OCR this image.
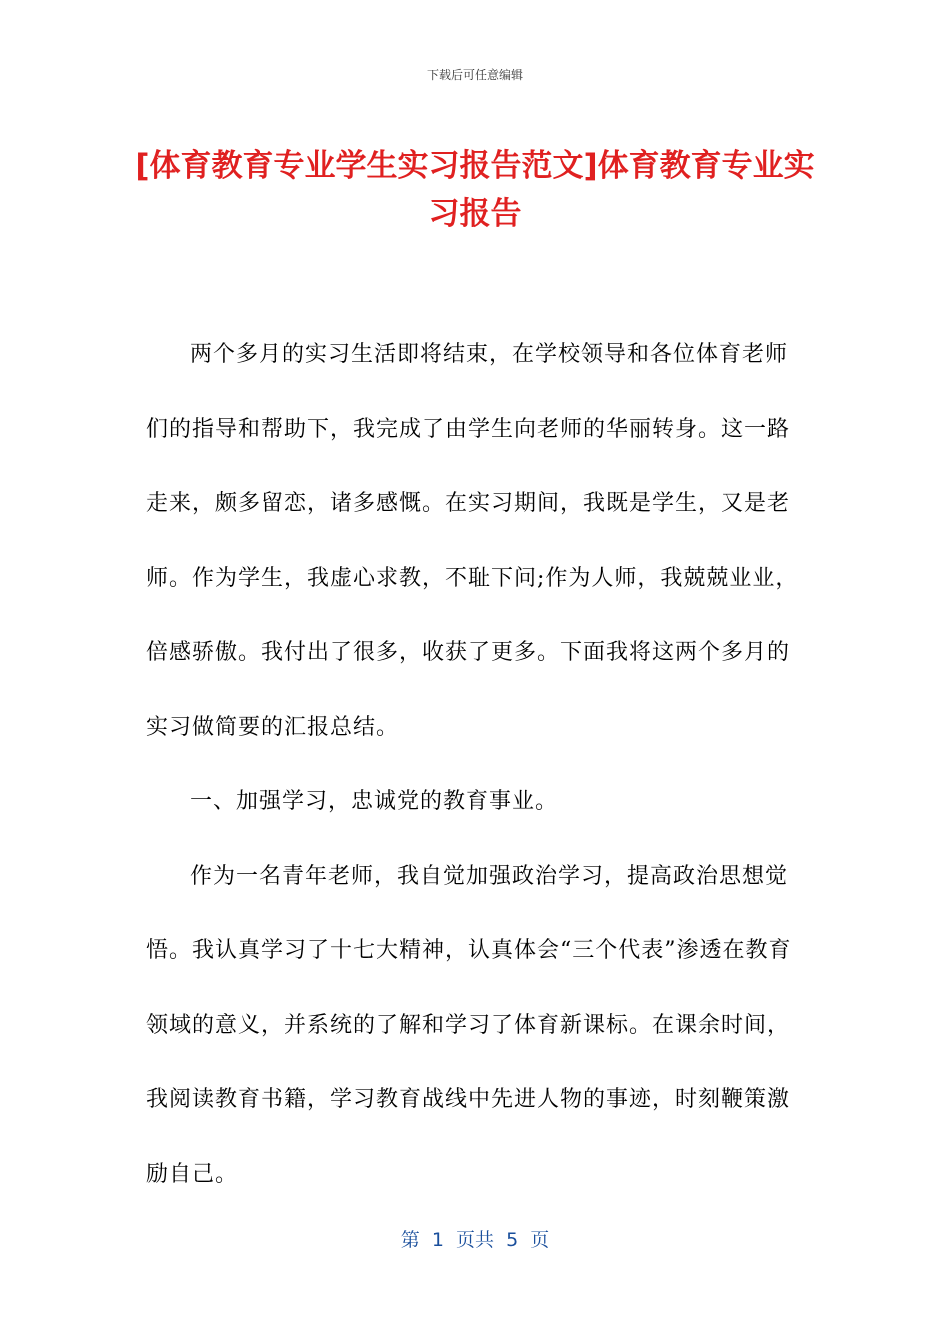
下载后可任意编辑
[体育教育专业学生实习报告范文]体育教育专业实习报告

两个多月的实习生活即将结束，在学校领导和各位体育老师们的指导和帮助下，我完成了由学生向老师的华丽转身。这一路走来，颇多留恋，诸多感慨。在实习期间，我既是学生，又是老师。作为学生，我虚心求教，不耻下问;作为人师，我兢兢业业，倍感骄傲。我付出了很多，收获了更多。下面我将这两个多月的实习做简要的汇报总结。

一、加强学习，忠诚党的教育事业。

作为一名青年老师，我自觉加强政治学习，提高政治思想觉悟。我认真学习了十七大精神，认真体会“三个代表”渗透在教育领域的意义，并系统的了解和学习了体育新课标。在课余时间，我阅读教育书籍，学习教育战线中先进人物的事迹，时刻鞭策激励自己。

第  1  页共  5  页
